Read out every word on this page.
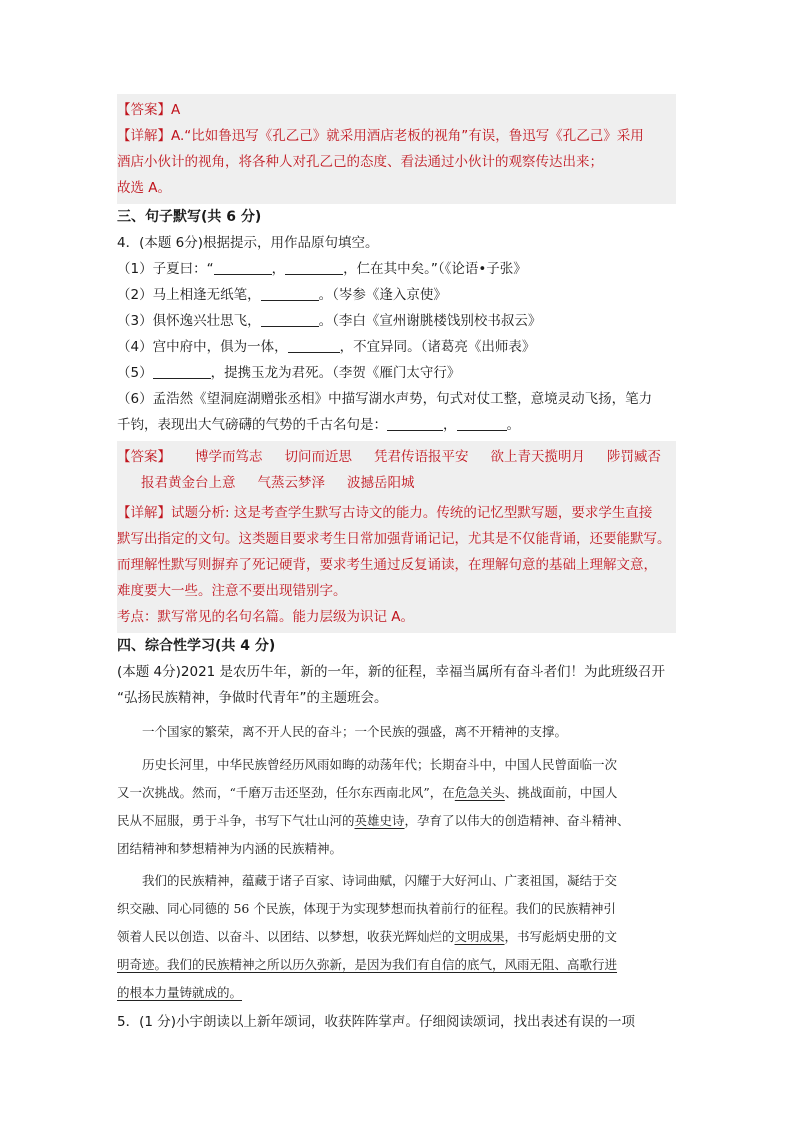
【答案】A
【详解】A.“比如鲁迅写《孔乙己》就采用酒店老板的视角”有误，鲁迅写《孔乙己》采用
酒店小伙计的视角，将各种人对孔乙己的态度、看法通过小伙计的观察传达出来；
故选 A。
三、句子默写(共 6 分)
4．(本题 6分)根据提示，用作品原句填空。
（1）子夏曰：“	，	，仁在其中矣。”（《论语•子张》
（2）马上相逢无纸笔，	。（岑参《逢入京使》
（3）俱怀逸兴壮思飞，	。（李白《宣州谢朓楼饯别校书叔云》
（4）宫中府中，俱为一体，	，不宜异同。（诸葛亮《出师表》
（5）	，提携玉龙为君死。（李贺《雁门太守行》
（6）孟浩然《望洞庭湖赠张丞相》中描写湖水声势，句式对仗工整，意境灵动飞扬，笔力
千钧，表现出大气磅礴的气势的千古名句是：	，	。
【答案】 博学而笃志 切问而近思 凭君传语报平安 欲上青天揽明月 陟罚臧否
报君黄金台上意 气蒸云梦泽 波撼岳阳城
【详解】试题分析: 这是考查学生默写古诗文的能力。传统的记忆型默写题，要求学生直接
默写出指定的文句。这类题目要求考生日常加强背诵记记，尤其是不仅能背诵，还要能默写。
而理解性默写则摒弃了死记硬背，要求考生通过反复诵读，在理解句意的基础上理解文意，
难度要大一些。注意不要出现错别字。
考点：默写常见的名句名篇。能力层级为识记 A。
四、综合性学习(共 4 分)
(本题 4分)2021 是农历牛年，新的一年，新的征程，幸福当属所有奋斗者们！为此班级召开
“弘扬民族精神，争做时代青年”的主题班会。
一个国家的繁荣，离不开人民的奋斗；一个民族的强盛，离不开精神的支撑。
历史长河里，中华民族曾经历风雨如晦的动荡年代；长期奋斗中，中国人民曾面临一次
又一次挑战。然而，“千磨万击还坚劲，任尔东西南北风”，在危急关头、挑战面前，中国人
民从不屈服，勇于斗争，书写下气壮山河的英雄史诗，孕育了以伟大的创造精神、奋斗精神、
团结精神和梦想精神为内涵的民族精神。
我们的民族精神，蕴藏于诸子百家、诗词曲赋，闪耀于大好河山、广袤祖国，凝结于交
织交融、同心同德的 56 个民族，体现于为实现梦想而执着前行的征程。我们的民族精神引
领着人民以创造、以奋斗、以团结、以梦想，收获光辉灿烂的文明成果，书写彪炳史册的文
明奇迹。我们的民族精神之所以历久弥新，是因为我们有自信的底气，风雨无阻、高歌行进
的根本力量铸就成的。
5．(1 分)小宇朗读以上新年颂词，收获阵阵掌声。仔细阅读颂词，找出表述有误的一项
